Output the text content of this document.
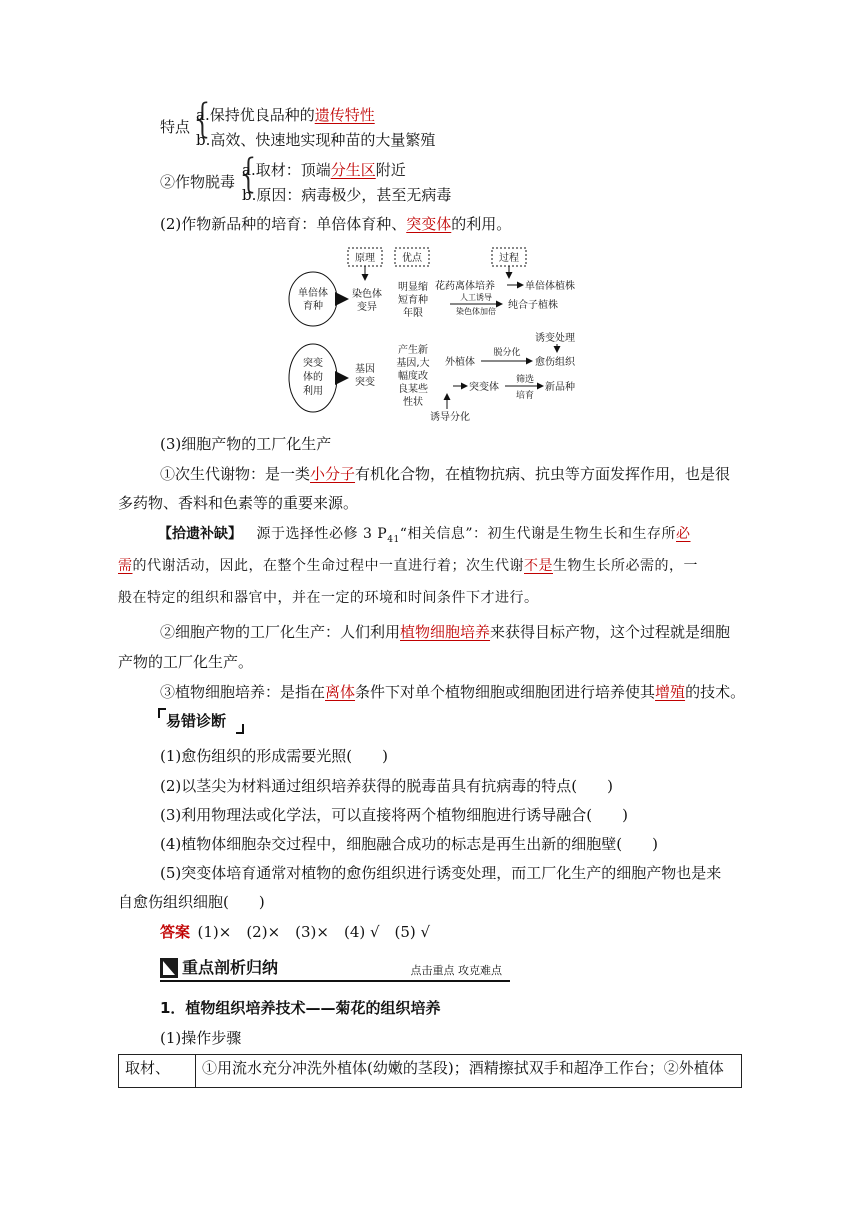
特点 {
a.保持优良品种的遗传特性
b.高效、快速地实现种苗的大量繁殖
②作物脱毒 {
a.取材：顶端分生区附近
b.原因：病毒极少，甚至无病毒
(2)作物新品种的培育：单倍体育种、突变体的利用。
原理	优点	过程
单倍体
育种
染色体
变异
明显缩
短育种
年限
花药离体培养	单倍体植株
人工诱导
染色体加倍
纯合子植株
突变
体的
利用
基因
突变
产生新
基因,大
幅度改
良某些
性状
诱变处理
外植体
脱分化
愈伤组织
突变体
筛选
培育
新品种
诱导分化
(3)细胞产物的工厂化生产
①次生代谢物：是一类小分子有机化合物，在植物抗病、抗虫等方面发挥作用，也是很
多药物、香料和色素等的重要来源。
【拾遗补缺】  源于选择性必修 3 $P_{41}“$相关信息”：初生代谢是生物生长和生存所必
需的代谢活动，因此，在整个生命过程中一直进行着；次生代谢不是生物生长所必需的，一
般在特定的组织和器官中，并在一定的环境和时间条件下才进行。
②细胞产物的工厂化生产：人们利用植物细胞培养来获得目标产物，这个过程就是细胞
产物的工厂化生产。
③植物细胞培养：是指在离体条件下对单个植物细胞或细胞团进行培养使其增殖的技术。
易错诊断
(1)愈伤组织的形成需要光照(　　)
(2)以茎尖为材料通过组织培养获得的脱毒苗具有抗病毒的特点(　　)
(3)利用物理法或化学法，可以直接将两个植物细胞进行诱导融合(　　)
(4)植物体细胞杂交过程中，细胞融合成功的标志是再生出新的细胞壁(　　)
(5)突变体培育通常对植物的愈伤组织进行诱变处理，而工厂化生产的细胞产物也是来
自愈伤组织细胞(　　)
答案  (1)×　(2)×　(3)×　(4) √　(5) √
重点剖析归纳	点击重点 攻克难点
1．植物组织培养技术——菊花的组织培养
(1)操作步骤
取材、	①用流水充分冲洗外植体(幼嫩的茎段)；酒精擦拭双手和超净工作台；②外植体
